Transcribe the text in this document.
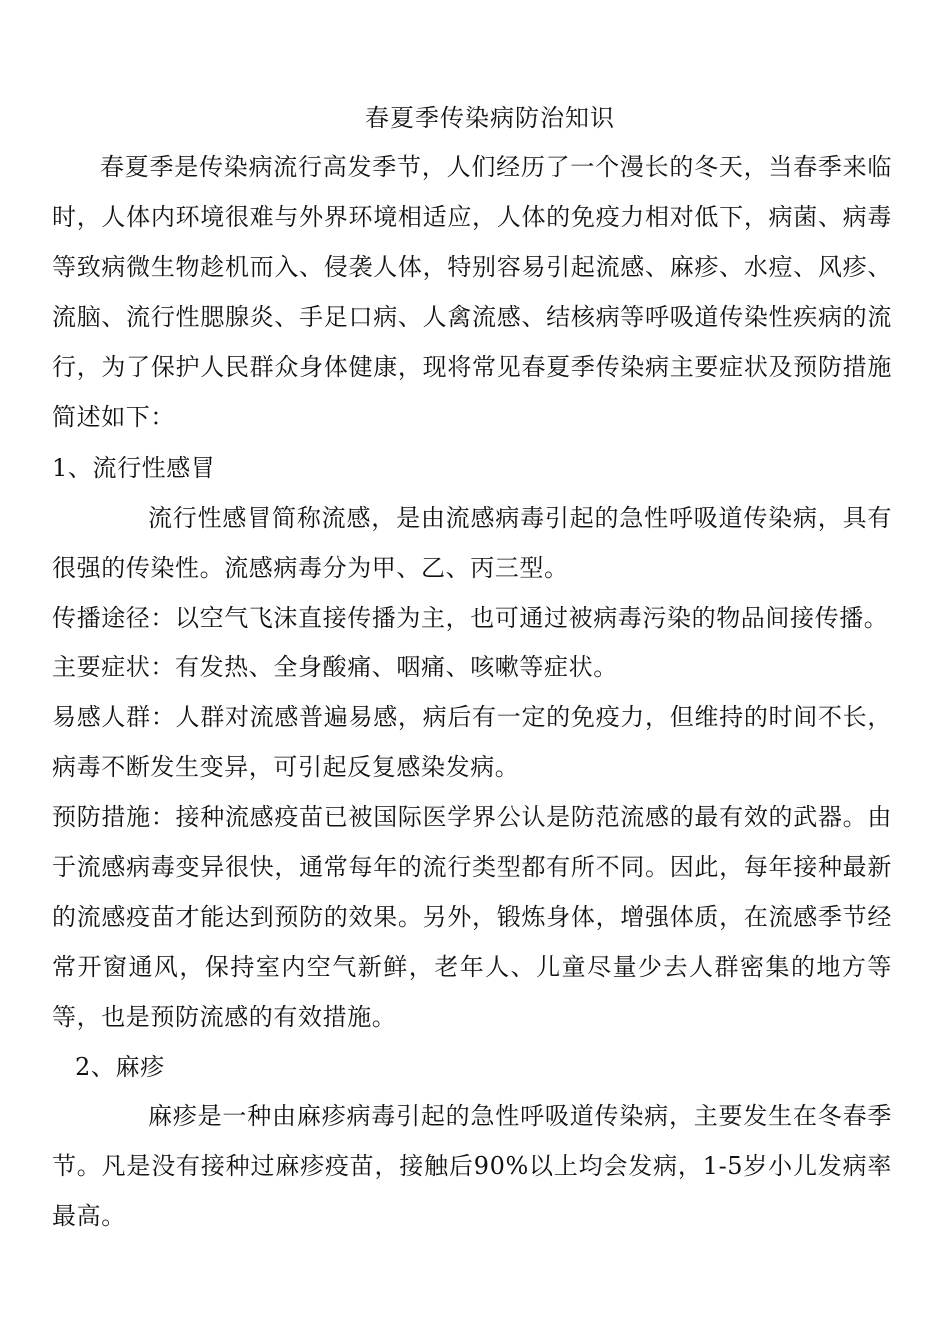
春夏季传染病防治知识

春夏季是传染病流行高发季节，人们经历了一个漫长的冬天，当春季来临时，人体内环境很难与外界环境相适应，人体的免疫力相对低下，病菌、病毒等致病微生物趁机而入、侵袭人体，特别容易引起流感、麻疹、水痘、风疹、流脑、流行性腮腺炎、手足口病、人禽流感、结核病等呼吸道传染性疾病的流行，为了保护人民群众身体健康，现将常见春夏季传染病主要症状及预防措施简述如下：

1、流行性感冒

流行性感冒简称流感，是由流感病毒引起的急性呼吸道传染病，具有很强的传染性。流感病毒分为甲、乙、丙三型。

传播途径：以空气飞沫直接传播为主，也可通过被病毒污染的物品间接传播。

主要症状：有发热、全身酸痛、咽痛、咳嗽等症状。

易感人群：人群对流感普遍易感，病后有一定的免疫力，但维持的时间不长，病毒不断发生变异，可引起反复感染发病。

预防措施：接种流感疫苗已被国际医学界公认是防范流感的最有效的武器。由于流感病毒变异很快，通常每年的流行类型都有所不同。因此，每年接种最新的流感疫苗才能达到预防的效果。另外，锻炼身体，增强体质，在流感季节经常开窗通风，保持室内空气新鲜，老年人、儿童尽量少去人群密集的地方等等，也是预防流感的有效措施。

2、麻疹

麻疹是一种由麻疹病毒引起的急性呼吸道传染病，主要发生在冬春季节。凡是没有接种过麻疹疫苗，接触后90%以上均会发病，1-5岁小儿发病率最高。
